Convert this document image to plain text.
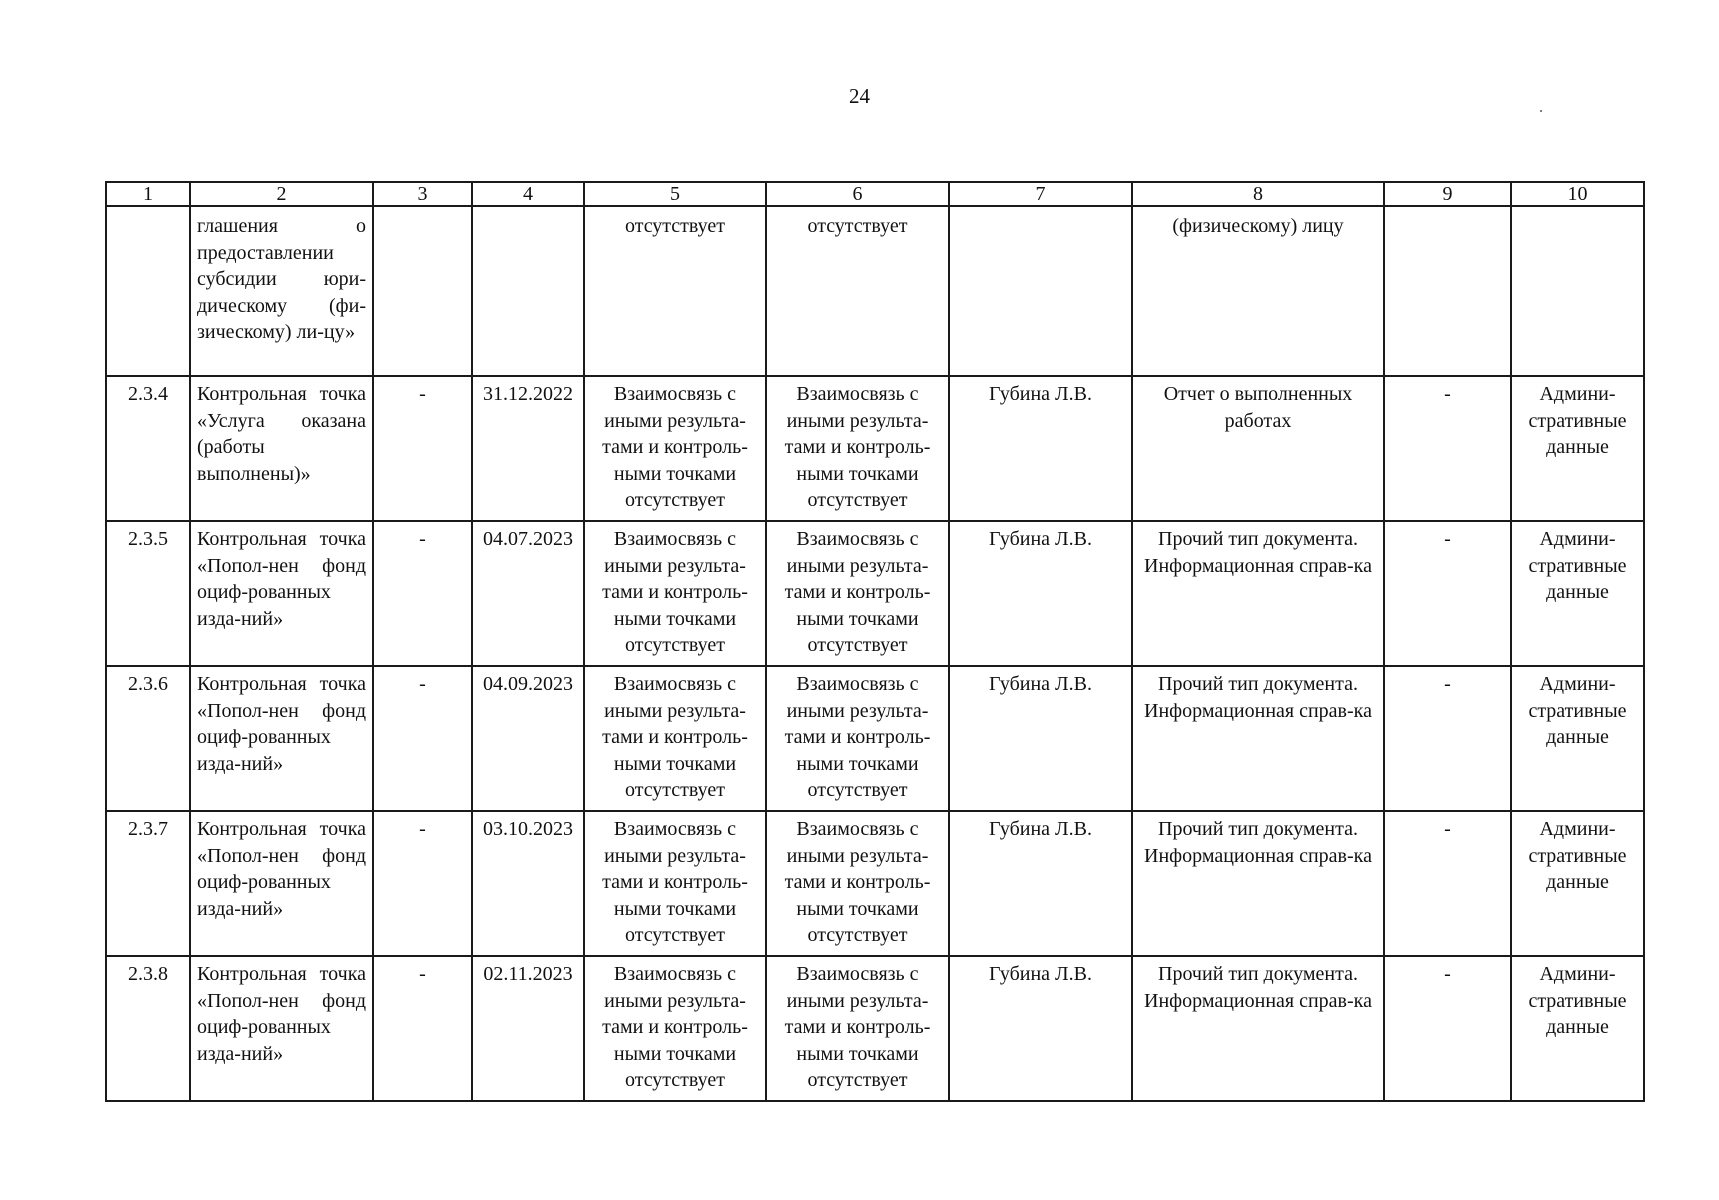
24
1	2	3	4	5	6	7	8	9	10
	глашения о предоставлении субсидии юри-дическому (фи-зическому) ли-цу»			отсутствует	отсутствует		(физическому) лицу		
2.3.4	Контрольная точка «Услуга оказана (работы выполнены)»	-	31.12.2022	Взаимосвязь с иными результа-тами и контроль-ными точками отсутствует	Взаимосвязь с иными результа-тами и контроль-ными точками отсутствует	Губина Л.В.	Отчет о выполненных работах	-	Админи-стративные данные
2.3.5	Контрольная точка «Попол-нен фонд оциф-рованных изда-ний»	-	04.07.2023	Взаимосвязь с иными результа-тами и контроль-ными точками отсутствует	Взаимосвязь с иными результа-тами и контроль-ными точками отсутствует	Губина Л.В.	Прочий тип документа. Информационная справ-ка	-	Админи-стративные данные
2.3.6	Контрольная точка «Попол-нен фонд оциф-рованных изда-ний»	-	04.09.2023	Взаимосвязь с иными результа-тами и контроль-ными точками отсутствует	Взаимосвязь с иными результа-тами и контроль-ными точками отсутствует	Губина Л.В.	Прочий тип документа. Информационная справ-ка	-	Админи-стративные данные
2.3.7	Контрольная точка «Попол-нен фонд оциф-рованных изда-ний»	-	03.10.2023	Взаимосвязь с иными результа-тами и контроль-ными точками отсутствует	Взаимосвязь с иными результа-тами и контроль-ными точками отсутствует	Губина Л.В.	Прочий тип документа. Информационная справ-ка	-	Админи-стративные данные
2.3.8	Контрольная точка «Попол-нен фонд оциф-рованных изда-ний»	-	02.11.2023	Взаимосвязь с иными результа-тами и контроль-ными точками отсутствует	Взаимосвязь с иными результа-тами и контроль-ными точками отсутствует	Губина Л.В.	Прочий тип документа. Информационная справ-ка	-	Админи-стративные данные
